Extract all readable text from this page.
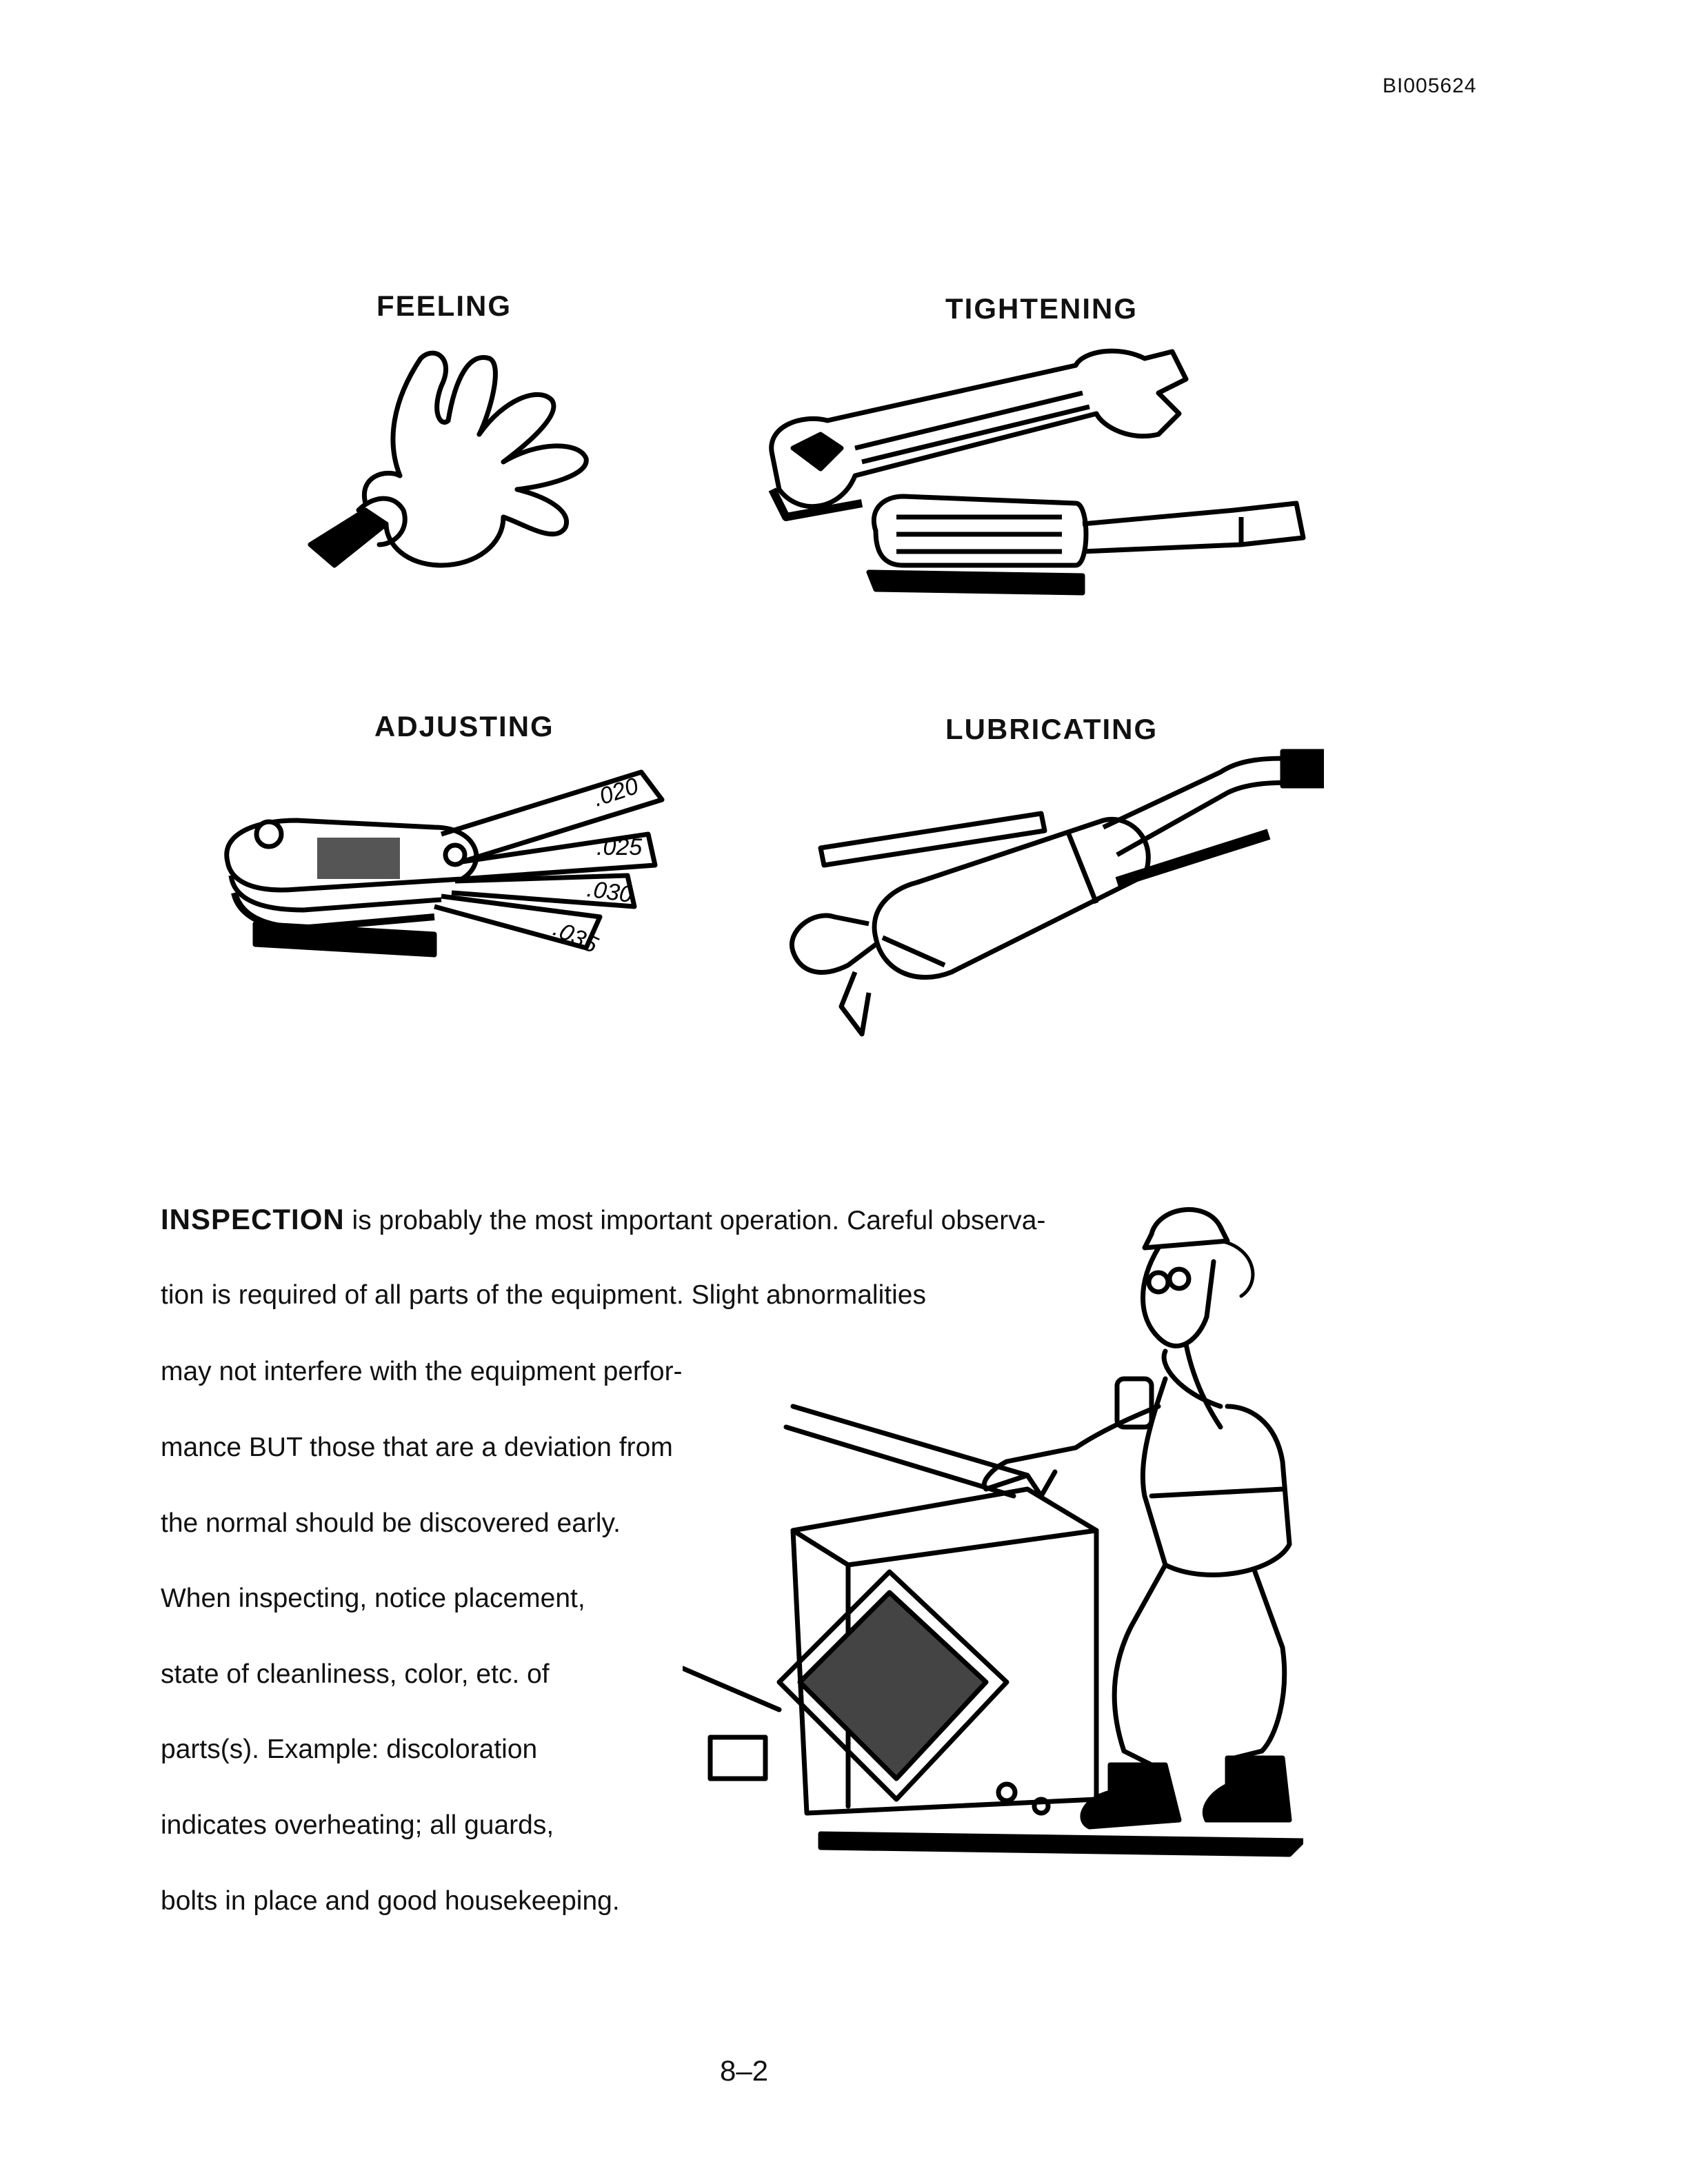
BI005624
FEELING	TIGHTENING
ADJUSTING
.020
.025
.030
.035
LUBRICATING
INSPECTION is probably the most important operation. Careful observa-
tion is required of all parts of the equipment. Slight abnormalities
may not interfere with the equipment perfor-
mance BUT those that are a deviation from
the normal should be discovered early.
When inspecting, notice placement,
state of cleanliness, color, etc. of
parts(s). Example: discoloration
indicates overheating; all guards,
bolts in place and good housekeeping.
8–2
